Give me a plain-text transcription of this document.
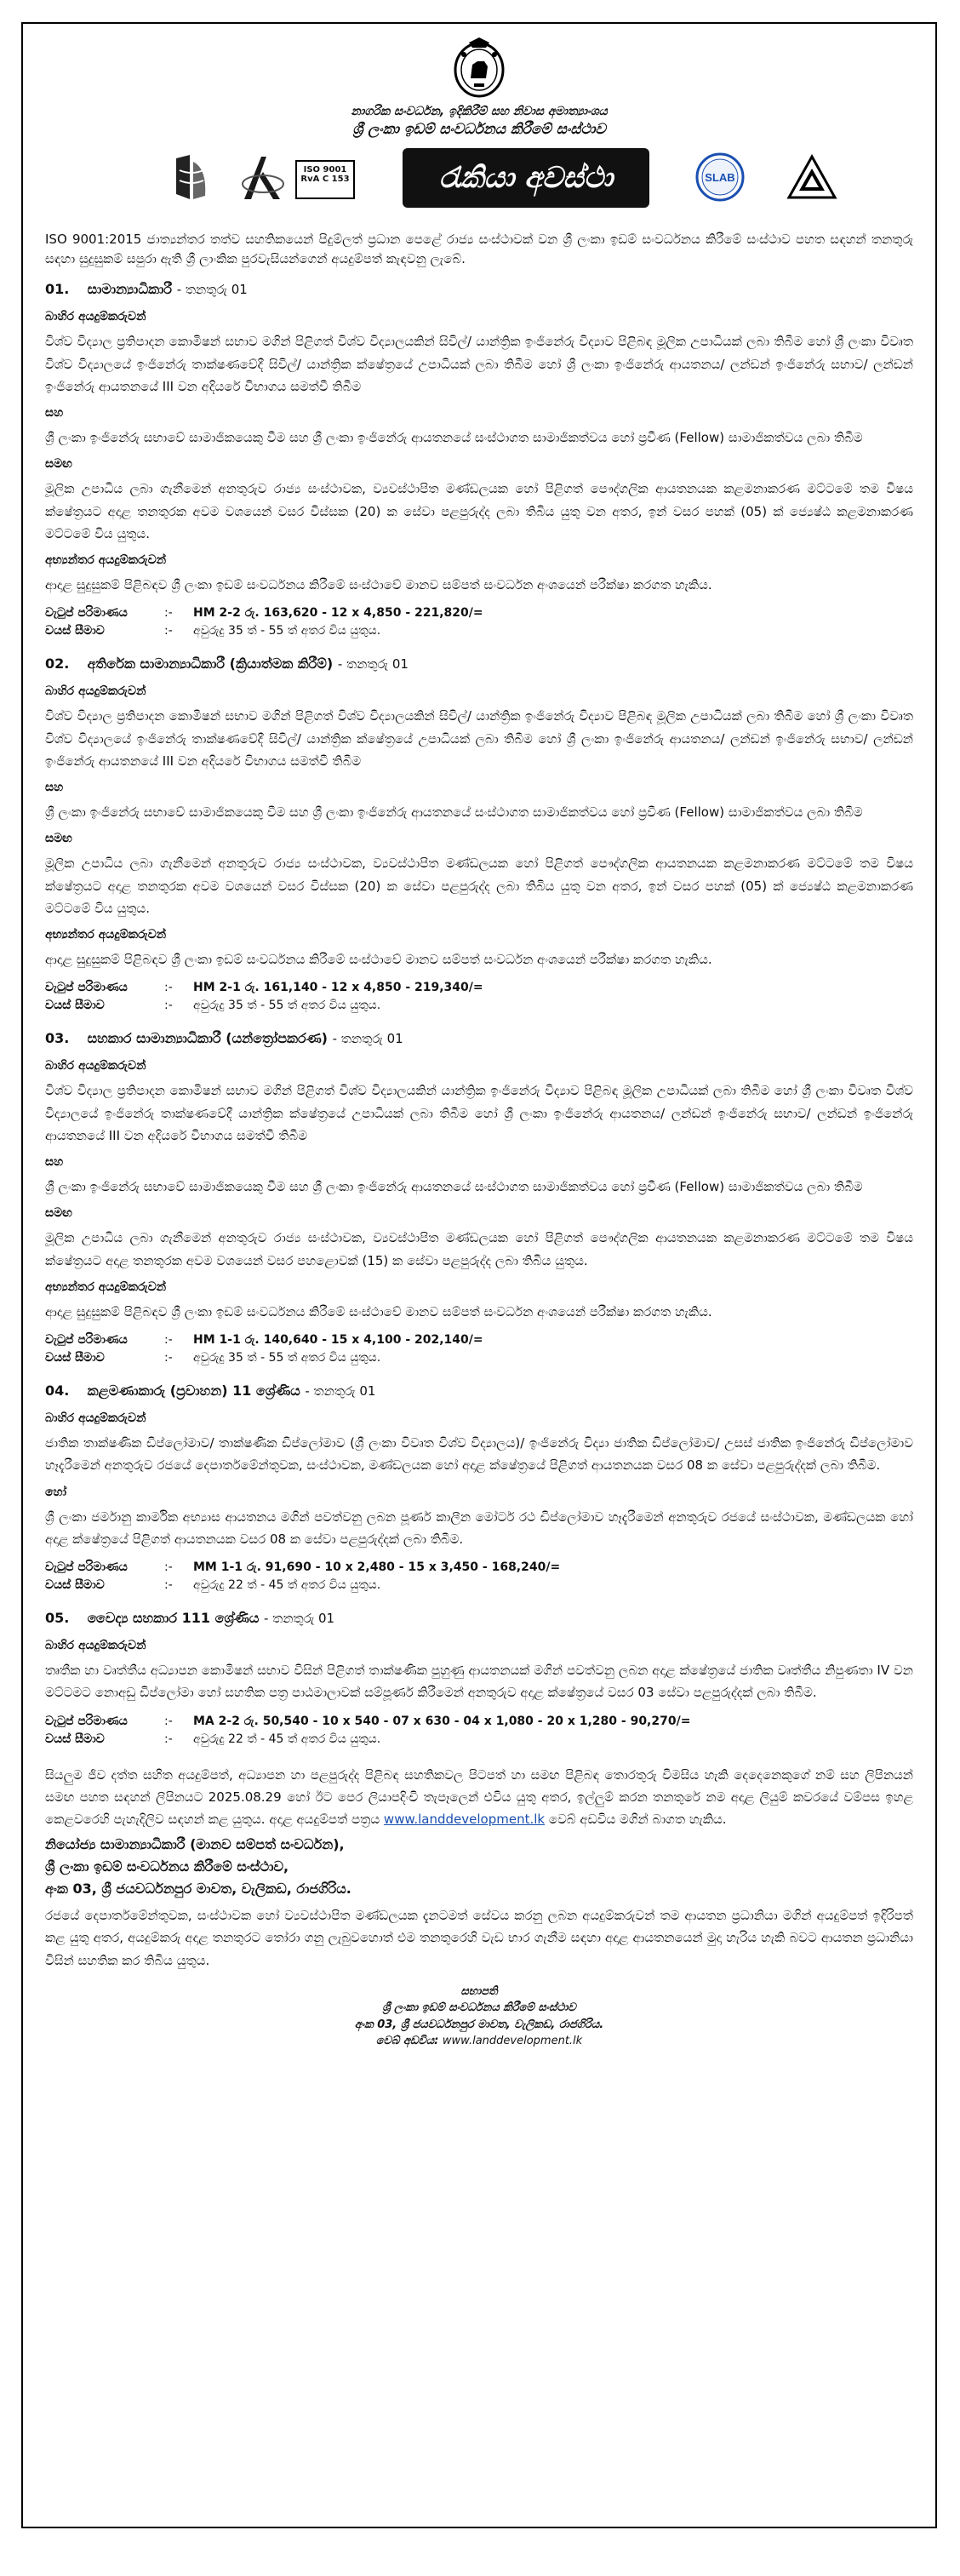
නාගරික සංවර්ධන, ඉදිකිරීම් සහ නිවාස අමාත්‍යාංශය
ශ්‍රී ලංකා ඉඩම් සංවර්ධනය කිරීමේ සංස්ථාව
ISO 9001
RvA C 153	රැකියා අවස්ථා	SLAB
ISO 9001:2015 ජාත්‍යන්තර තත්ව සහතිකයෙන් පිදුම්ලත් ප්‍රධාන පෙළේ රාජ්‍ය සංස්ථාවක් වන ශ්‍රී ලංකා ඉඩම් සංවර්ධනය කිරීමේ සංස්ථාව පහත සඳහන් තනතුරු සඳහා සුදුසුකම් සපුරා ඇති ශ්‍රී ලාංකික පුරවැසියන්ගෙන් අයදුම්පත් කැඳවනු ලැබේ.
01. සාමාන්‍යාධිකාරී - තනතුරු 01
බාහිර අයදුම්කරුවන්
විශ්ව විද්‍යාල ප්‍රතිපාදන කොමිෂන් සභාව මගින් පිළිගත් විශ්ව විද්‍යාලයකින් සිවිල්/ යාන්ත්‍රික ඉංජිනේරු විද්‍යාව පිළිබඳ මූලික උපාධියක් ලබා තිබීම හෝ ශ්‍රී ලංකා විවෘත විශ්ව විද්‍යාලයේ ඉංජිනේරු තාක්ෂණවේදී සිවිල්/ යාන්ත්‍රික ක්ෂේත්‍රයේ උපාධියක් ලබා තිබීම හෝ ශ්‍රී ලංකා ඉංජිනේරු ආයතනය/ ලන්ඩන් ඉංජිනේරු සභාව/ ලන්ඩන් ඉංජිනේරු ආයතනයේ III වන අදියරේ විභාගය සමත්වී තිබීම
සහ
ශ්‍රී ලංකා ඉංජිනේරු සභාවේ සාමාජිකයෙකු වීම සහ ශ්‍රී ලංකා ඉංජිනේරු ආයතනයේ සංස්ථාගත සාමාජිකත්වය හෝ ප්‍රවීණ (Fellow) සාමාජිකත්වය ලබා තිබීම
සමඟ
මූලික උපාධිය ලබා ගැනීමෙන් අනතුරුව රාජ්‍ය සංස්ථාවක, ව්‍යවස්ථාපිත මණ්ඩලයක හෝ පිළිගත් පෞද්ගලික ආයතනයක කළමනාකරණ මට්ටමේ තම විෂය ක්ෂේත්‍රයට අදාළ තනතුරක අවම වශයෙන් වසර විස්සක (20) ක සේවා පළපුරුද්ද ලබා තිබිය යුතු වන අතර, ඉන් වසර පහක් (05) ක් ජ්‍යෙෂ්ඨ කළමනාකරණ මට්ටමේ විය යුතුය.
අභ්‍යන්තර අයදුම්කරුවන්
ආදාළ සුදුසුකම් පිළිබඳව ශ්‍රී ලංකා ඉඩම් සංවර්ධනය කිරීමේ සංස්ථාවේ මානව සම්පත් සංවර්ධන අංශයෙන් පරීක්ෂා කරගත හැකිය.
වැටුප් පරිමාණය	:-	HM 2-2 රු. 163,620 - 12 x 4,850 - 221,820/=
වයස් සීමාව	:-	අවුරුදු 35 ත් - 55 ත් අතර විය යුතුය.
02. අතිරේක සාමාන්‍යාධිකාරී (ක්‍රියාත්මක කිරීම්) - තනතුරු 01
බාහිර අයදුම්කරුවන්
විශ්ව විද්‍යාල ප්‍රතිපාදන කොමිෂන් සභාව මගින් පිළිගත් විශ්ව විද්‍යාලයකින් සිවිල්/ යාන්ත්‍රික ඉංජිනේරු විද්‍යාව පිළිබඳ මූලික උපාධියක් ලබා තිබීම හෝ ශ්‍රී ලංකා විවෘත විශ්ව විද්‍යාලයේ ඉංජිනේරු තාක්ෂණවේදී සිවිල්/ යාන්ත්‍රික ක්ෂේත්‍රයේ උපාධියක් ලබා තිබීම හෝ ශ්‍රී ලංකා ඉංජිනේරු ආයතනය/ ලන්ඩන් ඉංජිනේරු සභාව/ ලන්ඩන් ඉංජිනේරු ආයතනයේ III වන අදියරේ විභාගය සමත්වී තිබීම
සහ
ශ්‍රී ලංකා ඉංජිනේරු සභාවේ සාමාජිකයෙකු වීම සහ ශ්‍රී ලංකා ඉංජිනේරු ආයතනයේ සංස්ථාගත සාමාජිකත්වය හෝ ප්‍රවීණ (Fellow) සාමාජිකත්වය ලබා තිබීම
සමඟ
මූලික උපාධිය ලබා ගැනීමෙන් අනතුරුව රාජ්‍ය සංස්ථාවක, ව්‍යවස්ථාපිත මණ්ඩලයක හෝ පිළිගත් පෞද්ගලික ආයතනයක කළමනාකරණ මට්ටමේ තම විෂය ක්ෂේත්‍රයට අදාළ තනතුරක අවම වශයෙන් වසර විස්සක (20) ක සේවා පළපුරුද්ද ලබා තිබිය යුතු වන අතර, ඉන් වසර පහක් (05) ක් ජ්‍යෙෂ්ඨ කළමනාකරණ මට්ටමේ විය යුතුය.
අභ්‍යන්තර අයදුම්කරුවන්
ආදාළ සුදුසුකම් පිළිබඳව ශ්‍රී ලංකා ඉඩම් සංවර්ධනය කිරීමේ සංස්ථාවේ මානව සම්පත් සංවර්ධන අංශයෙන් පරීක්ෂා කරගත හැකිය.
වැටුප් පරිමාණය	:-	HM 2-1 රු. 161,140 - 12 x 4,850 - 219,340/=
වයස් සීමාව	:-	අවුරුදු 35 ත් - 55 ත් අතර විය යුතුය.
03. සහකාර සාමාන්‍යාධිකාරී (යන්ත්‍රෝපකරණ) - තනතුරු 01
බාහිර අයදුම්කරුවන්
විශ්ව විද්‍යාල ප්‍රතිපාදන කොමිෂන් සභාව මගින් පිළිගත් විශ්ව විද්‍යාලයකින් යාන්ත්‍රික ඉංජිනේරු විද්‍යාව පිළිබඳ මූලික උපාධියක් ලබා තිබීම හෝ ශ්‍රී ලංකා විවෘත විශ්ව විද්‍යාලයේ ඉංජිනේරු තාක්ෂණවේදී යාන්ත්‍රික ක්ෂේත්‍රයේ උපාධියක් ලබා තිබීම හෝ ශ්‍රී ලංකා ඉංජිනේරු ආයතනය/ ලන්ඩන් ඉංජිනේරු සභාව/ ලන්ඩන් ඉංජිනේරු ආයතනයේ III වන අදියරේ විභාගය සමත්වී තිබීම
සහ
ශ්‍රී ලංකා ඉංජිනේරු සභාවේ සාමාජිකයෙකු වීම සහ ශ්‍රී ලංකා ඉංජිනේරු ආයතනයේ සංස්ථාගත සාමාජිකත්වය හෝ ප්‍රවීණ (Fellow) සාමාජිකත්වය ලබා තිබීම
සමඟ
මූලික උපාධිය ලබා ගැනීමෙන් අනතුරුව රාජ්‍ය සංස්ථාවක, ව්‍යවස්ථාපිත මණ්ඩලයක හෝ පිළිගත් පෞද්ගලික ආයතනයක කළමනාකරණ මට්ටමේ තම විෂය ක්ෂේත්‍රයට අදාළ තනතුරක අවම වශයෙන් වසර පහළොවක් (15) ක සේවා පළපුරුද්ද ලබා තිබිය යුතුය.
අභ්‍යන්තර අයදුම්කරුවන්
ආදාළ සුදුසුකම් පිළිබඳව ශ්‍රී ලංකා ඉඩම් සංවර්ධනය කිරීමේ සංස්ථාවේ මානව සම්පත් සංවර්ධන අංශයෙන් පරීක්ෂා කරගත හැකිය.
වැටුප් පරිමාණය	:-	HM 1-1 රු. 140,640 - 15 x 4,100 - 202,140/=
වයස් සීමාව	:-	අවුරුදු 35 ත් - 55 ත් අතර විය යුතුය.
04. කළමණාකාරු (ප්‍රවාහන) 11 ශ්‍රේණිය - තනතුරු 01
බාහිර අයදුම්කරුවන්
ජාතික තාක්ෂණික ඩිප්ලෝමාව/ තාක්ෂණික ඩිප්ලෝමාව (ශ්‍රී ලංකා විවෘත විශ්ව විද්‍යාලය)/ ඉංජිනේරු විද්‍යා ජාතික ඩිප්ලෝමාව/ උසස් ජාතික ඉංජිනේරු ඩිප්ලෝමාව හෑදැරීමෙන් අනතුරුව රජයේ දෙපාර්තමේන්තුවක, සංස්ථාවක, මණ්ඩලයක හෝ අදාළ ක්ෂේත්‍රයේ පිළිගත් ආයතනයක වසර 08 ක සේවා පළපුරුද්දක් ලබා තිබීම.
හෝ
ශ්‍රී ලංකා ජර්මානු කාර්මික අභ්‍යාස ආයතනය මගින් පවත්වනු ලබන පූර්ණ කාලීන මෝටර් රථ ඩිප්ලෝමාව හෑදැරීමෙන් අනතුරුව රජයේ සංස්ථාවක, මණ්ඩලයක හෝ අදාළ ක්ෂේත්‍රයේ පිළිගත් ආයතනයක වසර 08 ක සේවා පළපුරුද්දක් ලබා තිබීම.
වැටුප් පරිමාණය	:-	MM 1-1 රු. 91,690 - 10 x 2,480 - 15 x 3,450 - 168,240/=
වයස් සීමාව	:-	අවුරුදු 22 ත් - 45 ත් අතර විය යුතුය.
05. වෛද්‍ය සහකාර 111 ශ්‍රේණිය - තනතුරු 01
බාහිර අයදුම්කරුවන්
තෘතීක හා වෘත්තීය අධ්‍යාපන කොමිෂන් සභාව විසින් පිළිගත් තාක්ෂණික පුහුණු ආයතනයක් මගින් පවත්වනු ලබන අදාළ ක්ෂේත්‍රයේ ජාතික වෘත්තීය නිපුණතා IV වන මට්ටමට නොඅඩු ඩිප්ලෝමා හෝ සහතික පත්‍ර පාඨමාලාවක් සම්පූර්ණ කිරීමෙන් අනතුරුව අදාළ ක්ෂේත්‍රයේ වසර 03 සේවා පළපුරුද්දක් ලබා තිබීම.
වැටුප් පරිමාණය	:-	MA 2-2 රු. 50,540 - 10 x 540 - 07 x 630 - 04 x 1,080 - 20 x 1,280 - 90,270/=
වයස් සීමාව	:-	අවුරුදු 22 ත් - 45 ත් අතර විය යුතුය.
සියලුම ජීව දත්ත සහිත අයදුම්පත්, අධ්‍යාපන හා පළපුරුද්ද පිළිබඳ සහතිකවල පිටපත් හා සමඟ පිළිබඳ තොරතුරු විමසිය හැකි දෙදෙනෙකුගේ නම් සහ ලිපිනයන් සමඟ පහත සඳහන් ලිපිනයට 2025.08.29 හෝ ඊට පෙර ලියාපදිංචි තැපෑලෙන් එවිය යුතු අතර, ඉල්ලුම් කරන තනතුරේ නම අදාළ ලියුම් කවරයේ වම්පස ඉහළ කෙළවරෙහි පැහැදිලිව සඳහන් කළ යුතුය. අදාළ අයදුම්පත් පත්‍රය www.landdevelopment.lk වෙබ් අඩවිය මගින් බාගත හැකිය.
නියෝජ්‍ය සාමාන්‍යාධිකාරී (මානව සම්පත් සංවර්ධන),
ශ්‍රී ලංකා ඉඩම් සංවර්ධනය කිරීමේ සංස්ථාව,
අංක 03, ශ්‍රී ජයවර්ධනපුර මාවත, වැලිකඩ, රාජගිරිය.
රජයේ දෙපාර්තමේන්තුවක, සංස්ථාවක හෝ ව්‍යවස්ථාපිත මණ්ඩලයක දැනටමත් සේවය කරනු ලබන අයදුම්කරුවන් තම ආයතන ප්‍රධානියා මගින් අයදුම්පත් ඉදිරිපත් කළ යුතු අතර, අයදුම්කරු අදාළ තනතුරට තෝරා ගනු ලැබුවහොත් එම තනතුරෙහි වැඩ භාර ගැනීම සඳහා අදාළ ආයතනයෙන් මුදා හැරිය හැකි බවට ආයතන ප්‍රධානියා විසින් සහතික කර තිබිය යුතුය.
සභාපති
ශ්‍රී ලංකා ඉඩම් සංවර්ධනය කිරීමේ සංස්ථාව
අංක 03, ශ්‍රී ජයවර්ධනපුර මාවත, වැලිකඩ, රාජගිරිය.
වෙබ් අඩවිය: www.landdevelopment.lk
